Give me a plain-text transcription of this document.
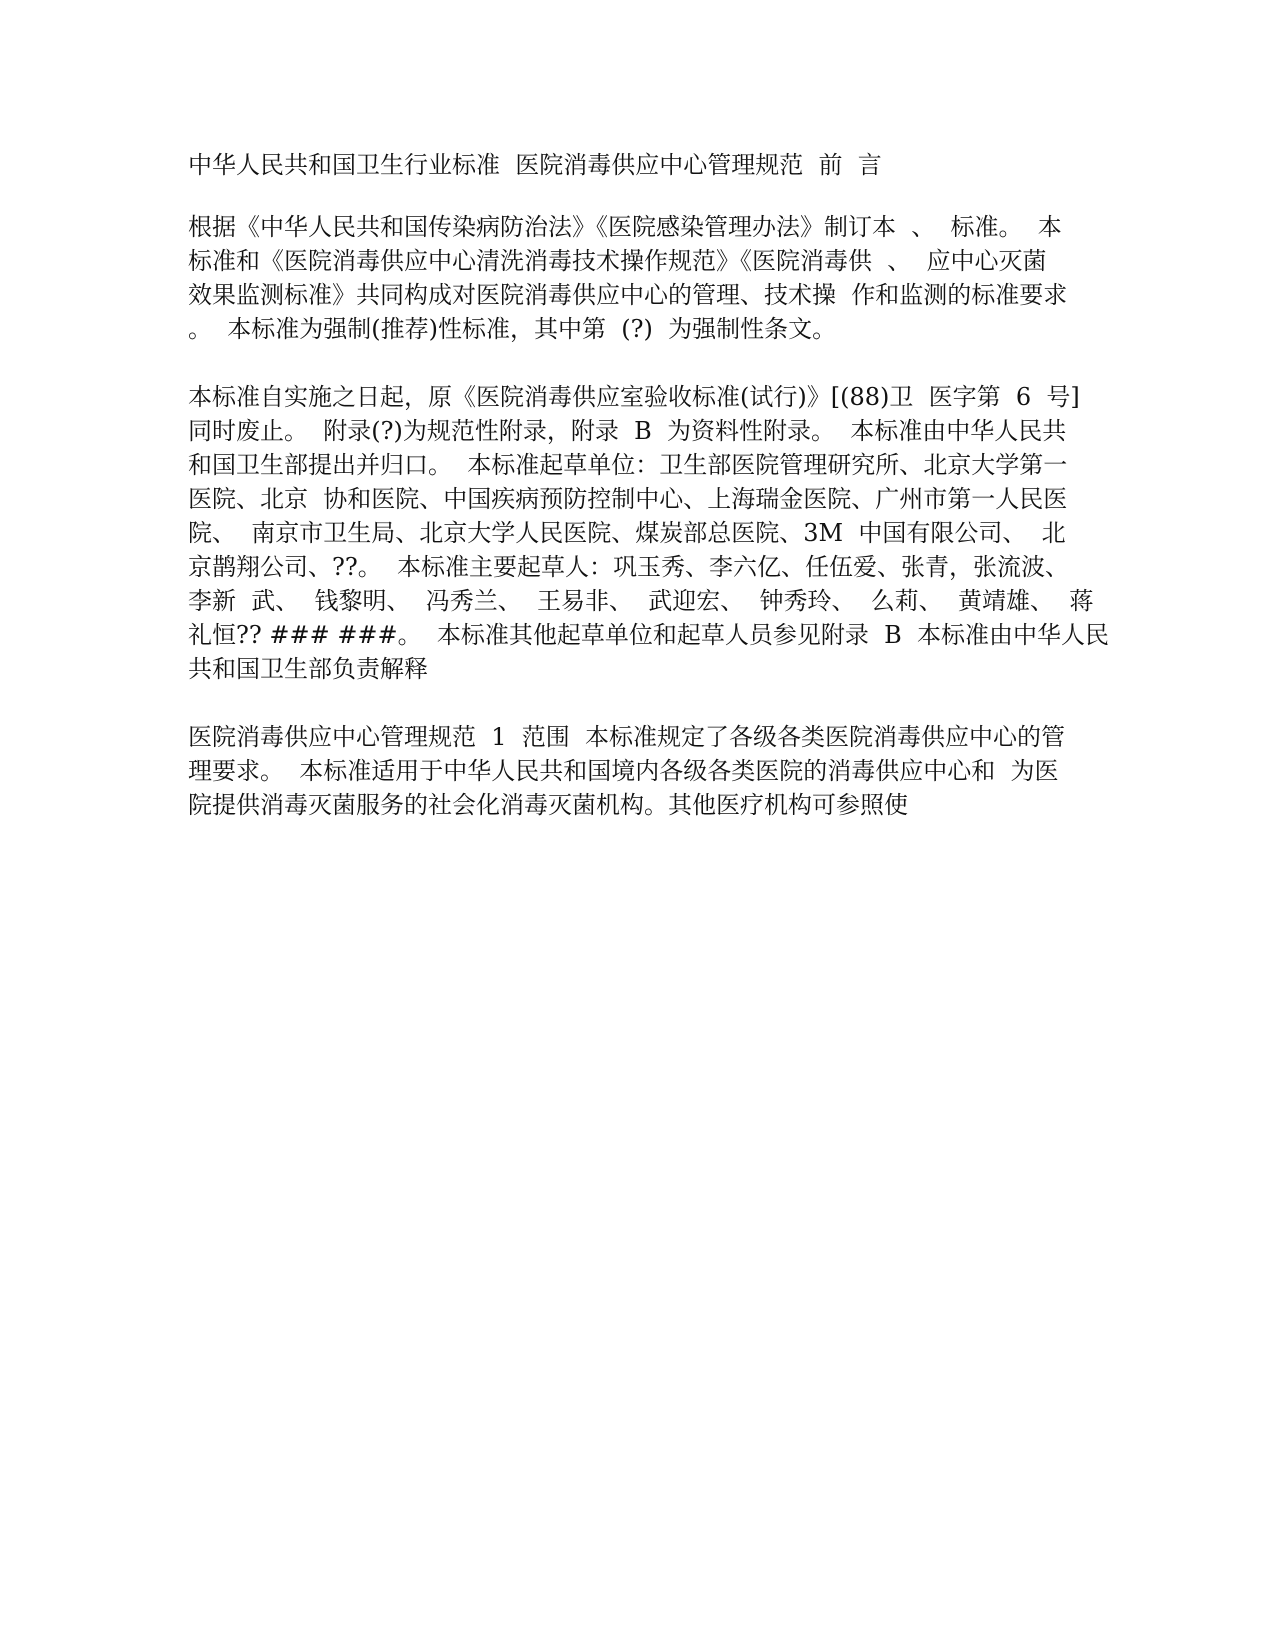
中华人民共和国卫生行业标准  医院消毒供应中心管理规范  前  言

根据《中华人民共和国传染病防治法》《医院感染管理办法》制订本  、  标准。  本
标准和《医院消毒供应中心清洗消毒技术操作规范》《医院消毒供  、  应中心灭菌
效果监测标准》共同构成对医院消毒供应中心的管理、技术操  作和监测的标准要求
。  本标准为强制(推荐)性标准，其中第  (?)  为强制性条文。

本标准自实施之日起，原《医院消毒供应室验收标准(试行)》[(88)卫  医字第  6  号]
同时废止。  附录(?)为规范性附录，附录  B  为资料性附录。  本标准由中华人民共
和国卫生部提出并归口。  本标准起草单位：卫生部医院管理研究所、北京大学第一
医院、北京  协和医院、中国疾病预防控制中心、上海瑞金医院、广州市第一人民医
院、  南京市卫生局、北京大学人民医院、煤炭部总医院、3M  中国有限公司、  北
京鹊翔公司、??。  本标准主要起草人：巩玉秀、李六亿、任伍爱、张青，张流波、
李新  武、  钱黎明、  冯秀兰、  王易非、  武迎宏、  钟秀玲、  么莉、  黄靖雄、  蒋
礼恒?? ### ###。  本标准其他起草单位和起草人员参见附录  B  本标准由中华人民
共和国卫生部负责解释

医院消毒供应中心管理规范  1  范围  本标准规定了各级各类医院消毒供应中心的管
理要求。  本标准适用于中华人民共和国境内各级各类医院的消毒供应中心和  为医
院提供消毒灭菌服务的社会化消毒灭菌机构。其他医疗机构可参照使
